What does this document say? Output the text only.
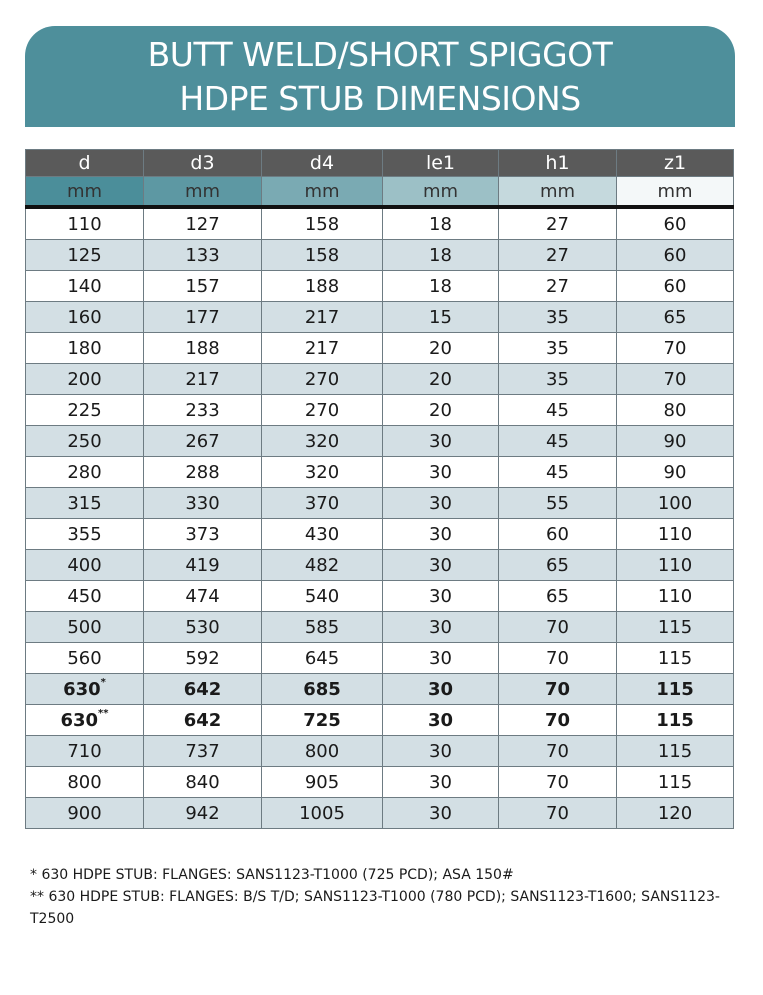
BUTT WELD/SHORT SPIGGOT
HDPE STUB DIMENSIONS
d	d3	d4	le1	h1	z1
mm	mm	mm	mm	mm	mm
110	127	158	18	27	60
125	133	158	18	27	60
140	157	188	18	27	60
160	177	217	15	35	65
180	188	217	20	35	70
200	217	270	20	35	70
225	233	270	20	45	80
250	267	320	30	45	90
280	288	320	30	45	90
315	330	370	30	55	100
355	373	430	30	60	110
400	419	482	30	65	110
450	474	540	30	65	110
500	530	585	30	70	115
560	592	645	30	70	115
630*	642	685	30	70	115
630**	642	725	30	70	115
710	737	800	30	70	115
800	840	905	30	70	115
900	942	1005	30	70	120
* 630 HDPE STUB: FLANGES: SANS1123-T1000 (725 PCD); ASA 150#
** 630 HDPE STUB: FLANGES: B/S T/D; SANS1123-T1000 (780 PCD); SANS1123-T1600; SANS1123-T2500
